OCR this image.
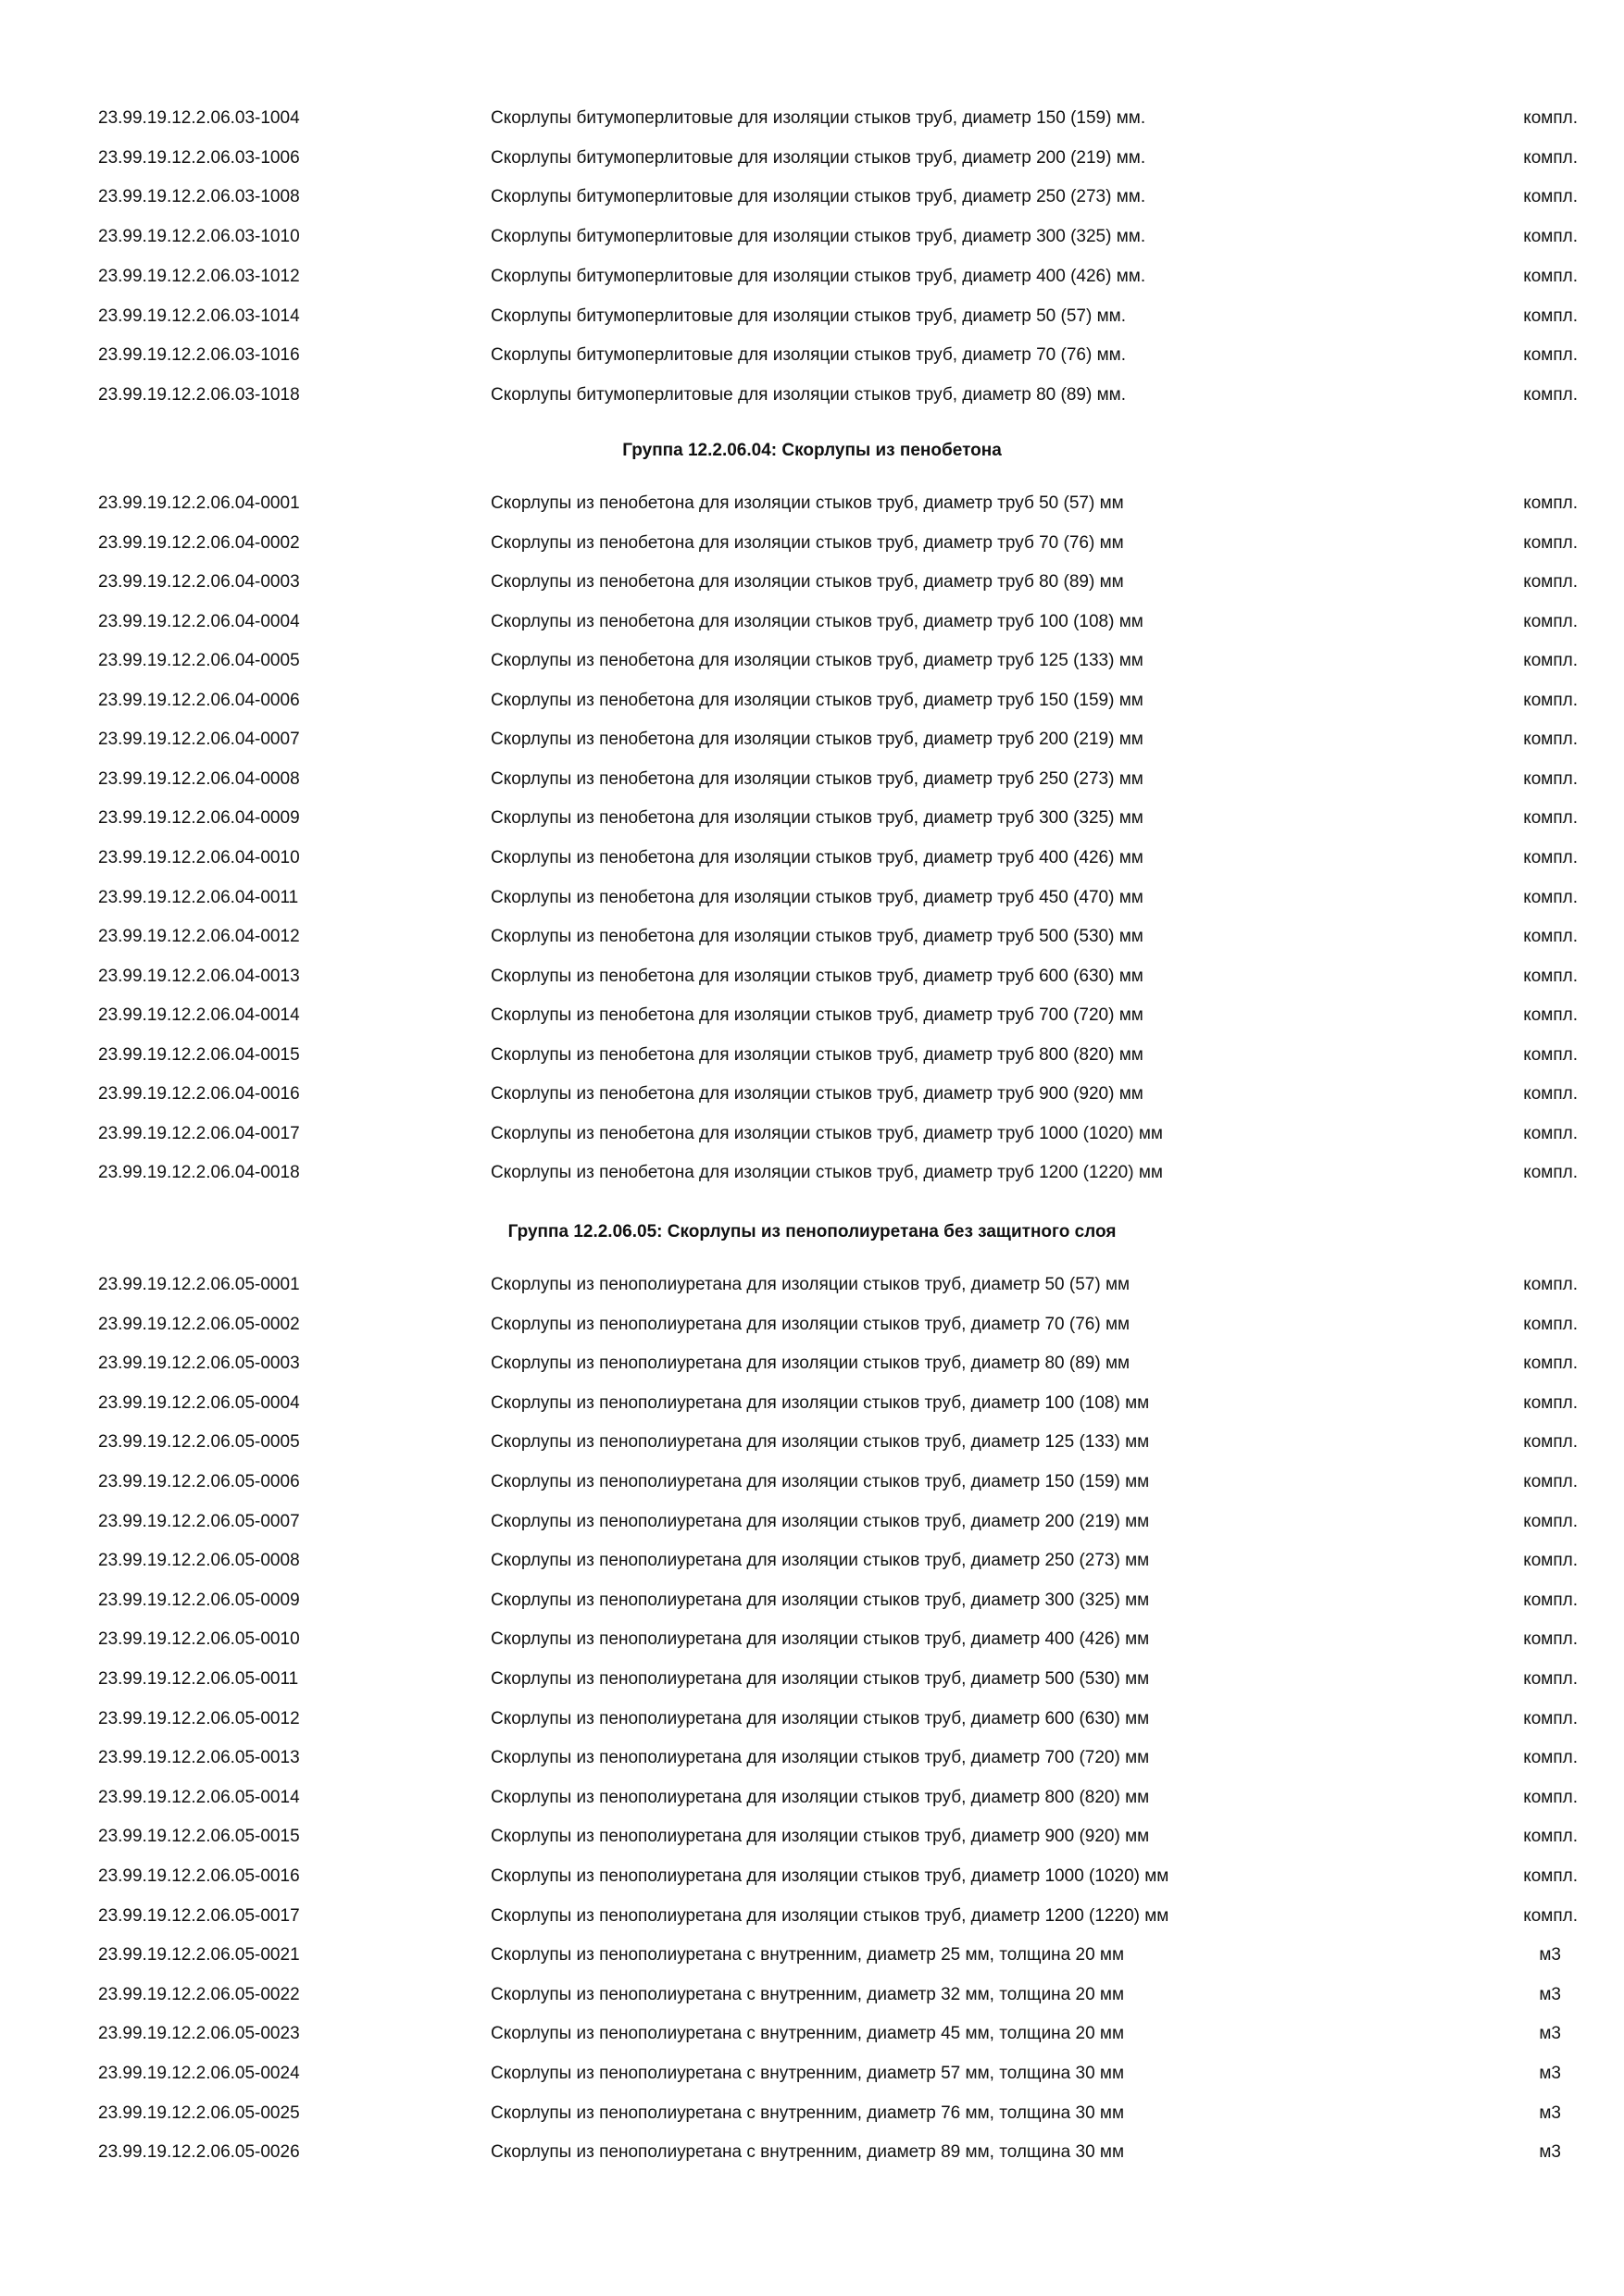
23.99.19.12.2.06.03-1004	Скорлупы битумоперлитовые для изоляции стыков труб, диаметр 150 (159) мм.	компл.
23.99.19.12.2.06.03-1006	Скорлупы битумоперлитовые для изоляции стыков труб, диаметр 200 (219) мм.	компл.
23.99.19.12.2.06.03-1008	Скорлупы битумоперлитовые для изоляции стыков труб, диаметр 250 (273) мм.	компл.
23.99.19.12.2.06.03-1010	Скорлупы битумоперлитовые для изоляции стыков труб, диаметр 300 (325) мм.	компл.
23.99.19.12.2.06.03-1012	Скорлупы битумоперлитовые для изоляции стыков труб, диаметр 400 (426) мм.	компл.
23.99.19.12.2.06.03-1014	Скорлупы битумоперлитовые для изоляции стыков труб, диаметр 50 (57) мм.	компл.
23.99.19.12.2.06.03-1016	Скорлупы битумоперлитовые для изоляции стыков труб, диаметр 70 (76) мм.	компл.
23.99.19.12.2.06.03-1018	Скорлупы битумоперлитовые для изоляции стыков труб, диаметр 80 (89) мм.	компл.
Группа 12.2.06.04: Скорлупы из пенобетона
23.99.19.12.2.06.04-0001	Скорлупы из пенобетона для изоляции стыков труб, диаметр труб 50 (57) мм	компл.
23.99.19.12.2.06.04-0002	Скорлупы из пенобетона для изоляции стыков труб, диаметр труб 70 (76) мм	компл.
23.99.19.12.2.06.04-0003	Скорлупы из пенобетона для изоляции стыков труб, диаметр труб 80 (89) мм	компл.
23.99.19.12.2.06.04-0004	Скорлупы из пенобетона для изоляции стыков труб, диаметр труб 100 (108) мм	компл.
23.99.19.12.2.06.04-0005	Скорлупы из пенобетона для изоляции стыков труб, диаметр труб 125 (133) мм	компл.
23.99.19.12.2.06.04-0006	Скорлупы из пенобетона для изоляции стыков труб, диаметр труб 150 (159) мм	компл.
23.99.19.12.2.06.04-0007	Скорлупы из пенобетона для изоляции стыков труб, диаметр труб 200 (219) мм	компл.
23.99.19.12.2.06.04-0008	Скорлупы из пенобетона для изоляции стыков труб, диаметр труб 250 (273) мм	компл.
23.99.19.12.2.06.04-0009	Скорлупы из пенобетона для изоляции стыков труб, диаметр труб 300 (325) мм	компл.
23.99.19.12.2.06.04-0010	Скорлупы из пенобетона для изоляции стыков труб, диаметр труб 400 (426) мм	компл.
23.99.19.12.2.06.04-0011	Скорлупы из пенобетона для изоляции стыков труб, диаметр труб 450 (470) мм	компл.
23.99.19.12.2.06.04-0012	Скорлупы из пенобетона для изоляции стыков труб, диаметр труб 500 (530) мм	компл.
23.99.19.12.2.06.04-0013	Скорлупы из пенобетона для изоляции стыков труб, диаметр труб 600 (630) мм	компл.
23.99.19.12.2.06.04-0014	Скорлупы из пенобетона для изоляции стыков труб, диаметр труб 700 (720) мм	компл.
23.99.19.12.2.06.04-0015	Скорлупы из пенобетона для изоляции стыков труб, диаметр труб 800 (820) мм	компл.
23.99.19.12.2.06.04-0016	Скорлупы из пенобетона для изоляции стыков труб, диаметр труб 900 (920) мм	компл.
23.99.19.12.2.06.04-0017	Скорлупы из пенобетона для изоляции стыков труб, диаметр труб 1000 (1020) мм	компл.
23.99.19.12.2.06.04-0018	Скорлупы из пенобетона для изоляции стыков труб, диаметр труб 1200 (1220) мм	компл.
Группа 12.2.06.05: Скорлупы из пенополиуретана без защитного слоя
23.99.19.12.2.06.05-0001	Скорлупы из пенополиуретана для изоляции стыков труб, диаметр 50 (57) мм	компл.
23.99.19.12.2.06.05-0002	Скорлупы из пенополиуретана для изоляции стыков труб, диаметр 70 (76) мм	компл.
23.99.19.12.2.06.05-0003	Скорлупы из пенополиуретана для изоляции стыков труб, диаметр 80 (89) мм	компл.
23.99.19.12.2.06.05-0004	Скорлупы из пенополиуретана для изоляции стыков труб, диаметр 100 (108) мм	компл.
23.99.19.12.2.06.05-0005	Скорлупы из пенополиуретана для изоляции стыков труб, диаметр 125 (133) мм	компл.
23.99.19.12.2.06.05-0006	Скорлупы из пенополиуретана для изоляции стыков труб, диаметр 150 (159) мм	компл.
23.99.19.12.2.06.05-0007	Скорлупы из пенополиуретана для изоляции стыков труб, диаметр 200 (219) мм	компл.
23.99.19.12.2.06.05-0008	Скорлупы из пенополиуретана для изоляции стыков труб, диаметр 250 (273) мм	компл.
23.99.19.12.2.06.05-0009	Скорлупы из пенополиуретана для изоляции стыков труб, диаметр 300 (325) мм	компл.
23.99.19.12.2.06.05-0010	Скорлупы из пенополиуретана для изоляции стыков труб, диаметр 400 (426) мм	компл.
23.99.19.12.2.06.05-0011	Скорлупы из пенополиуретана для изоляции стыков труб, диаметр 500 (530) мм	компл.
23.99.19.12.2.06.05-0012	Скорлупы из пенополиуретана для изоляции стыков труб, диаметр 600 (630) мм	компл.
23.99.19.12.2.06.05-0013	Скорлупы из пенополиуретана для изоляции стыков труб, диаметр 700 (720) мм	компл.
23.99.19.12.2.06.05-0014	Скорлупы из пенополиуретана для изоляции стыков труб, диаметр 800 (820) мм	компл.
23.99.19.12.2.06.05-0015	Скорлупы из пенополиуретана для изоляции стыков труб, диаметр 900 (920) мм	компл.
23.99.19.12.2.06.05-0016	Скорлупы из пенополиуретана для изоляции стыков труб, диаметр 1000 (1020) мм	компл.
23.99.19.12.2.06.05-0017	Скорлупы из пенополиуретана для изоляции стыков труб, диаметр 1200 (1220) мм	компл.
23.99.19.12.2.06.05-0021	Скорлупы из пенополиуретана с внутренним, диаметр 25 мм, толщина 20 мм	м3
23.99.19.12.2.06.05-0022	Скорлупы из пенополиуретана с внутренним, диаметр 32 мм, толщина 20 мм	м3
23.99.19.12.2.06.05-0023	Скорлупы из пенополиуретана с внутренним, диаметр 45 мм, толщина 20 мм	м3
23.99.19.12.2.06.05-0024	Скорлупы из пенополиуретана с внутренним, диаметр 57 мм, толщина 30 мм	м3
23.99.19.12.2.06.05-0025	Скорлупы из пенополиуретана с внутренним, диаметр 76 мм, толщина 30 мм	м3
23.99.19.12.2.06.05-0026	Скорлупы из пенополиуретана с внутренним, диаметр 89 мм, толщина 30 мм	м3
